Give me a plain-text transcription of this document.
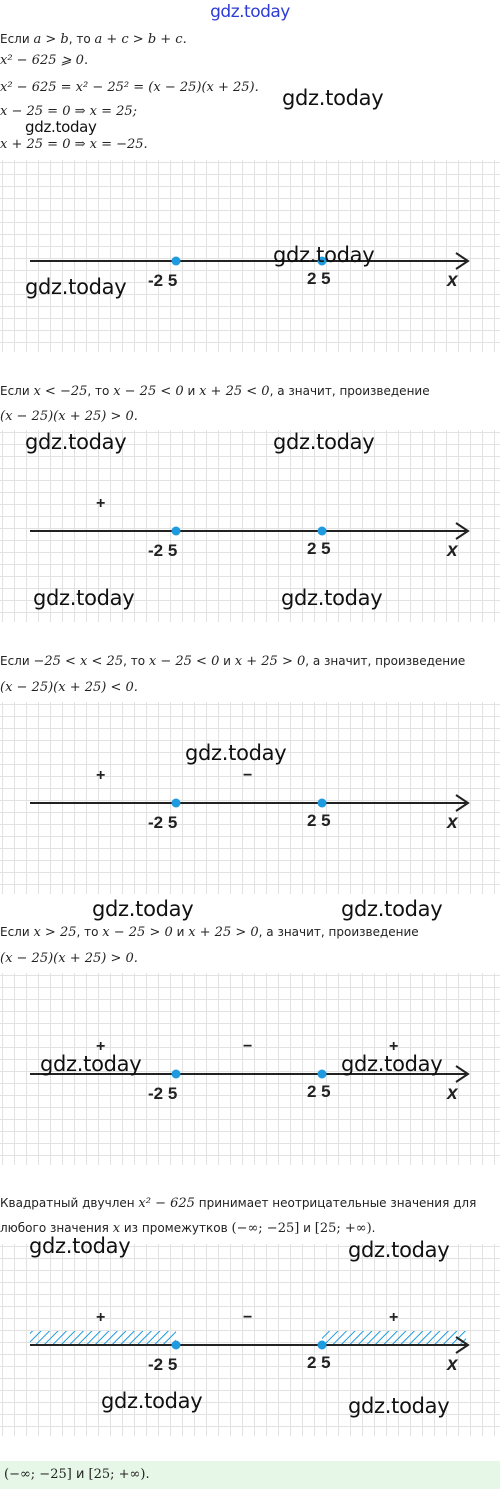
gdz.today
Если a > b, то a + c > b + c.
x² − 625 ⩾ 0.
x² − 625 = x² − 25² = (x − 25)(x + 25).
x − 25 = 0 ⇒ x = 25;
x + 25 = 0 ⇒ x = −25.
gdz.today
gdz.today
-2 5	2 5	x
gdz.today
gdz.today
Если x < −25, то x − 25 < 0 и x + 25 < 0, а значит, произведение
(x − 25)(x + 25) > 0.
+
-2 5	2 5	x
gdz.today	gdz.today
gdz.today	gdz.today
Если −25 < x < 25, то x − 25 < 0 и x + 25 > 0, а значит, произведение
(x − 25)(x + 25) < 0.
+	−
-2 5	2 5	x
gdz.today
gdz.today	gdz.today
Если x > 25, то x − 25 > 0 и x + 25 > 0, а значит, произведение
(x − 25)(x + 25) > 0.
+	−	+
-2 5	2 5	x
gdz.today	gdz.today
Квадратный двучлен x² − 625 принимает неотрицательные значения для
любого значения x из промежутков (−∞; −25] и [25; +∞).
+	−	+
-2 5	2 5	x
gdz.today	gdz.today
gdz.today	gdz.today
(−∞; −25] и [25; +∞).
